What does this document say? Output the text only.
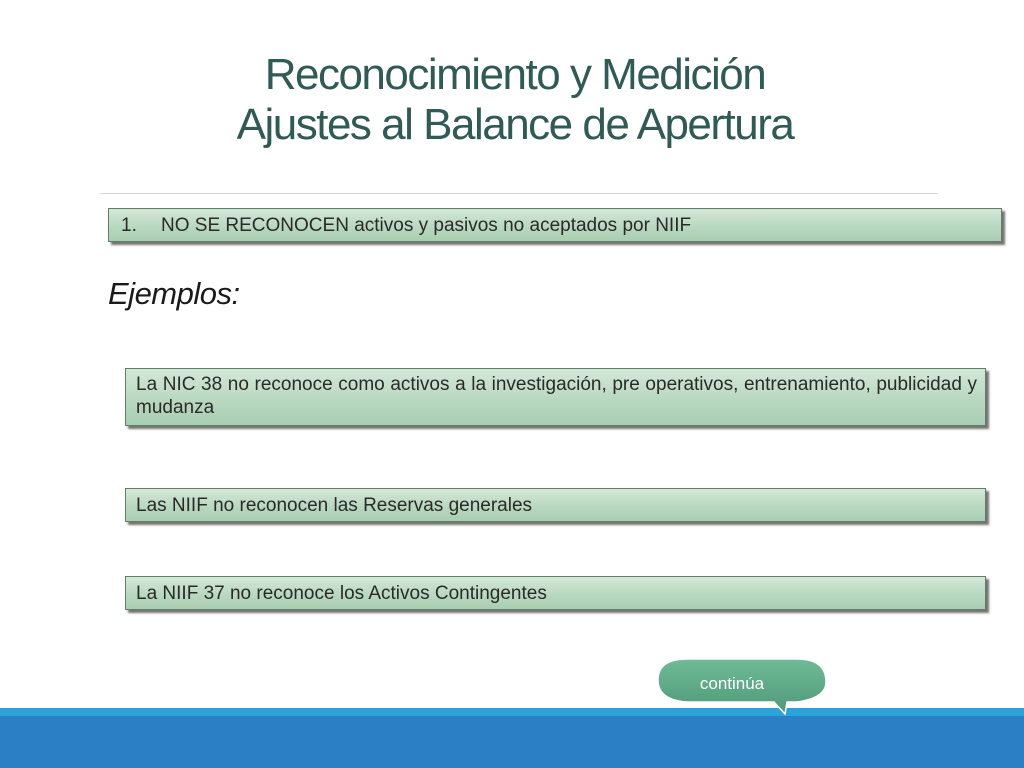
Reconocimiento y Medición
Ajustes al Balance de Apertura
1. NO SE RECONOCEN activos y pasivos no aceptados por NIIF
Ejemplos:
La NIC 38 no reconoce como activos a la investigación, pre operativos, entrenamiento, publicidad y mudanza
Las NIIF no reconocen las Reservas generales
La NIIF 37 no reconoce los Activos Contingentes
continúa
